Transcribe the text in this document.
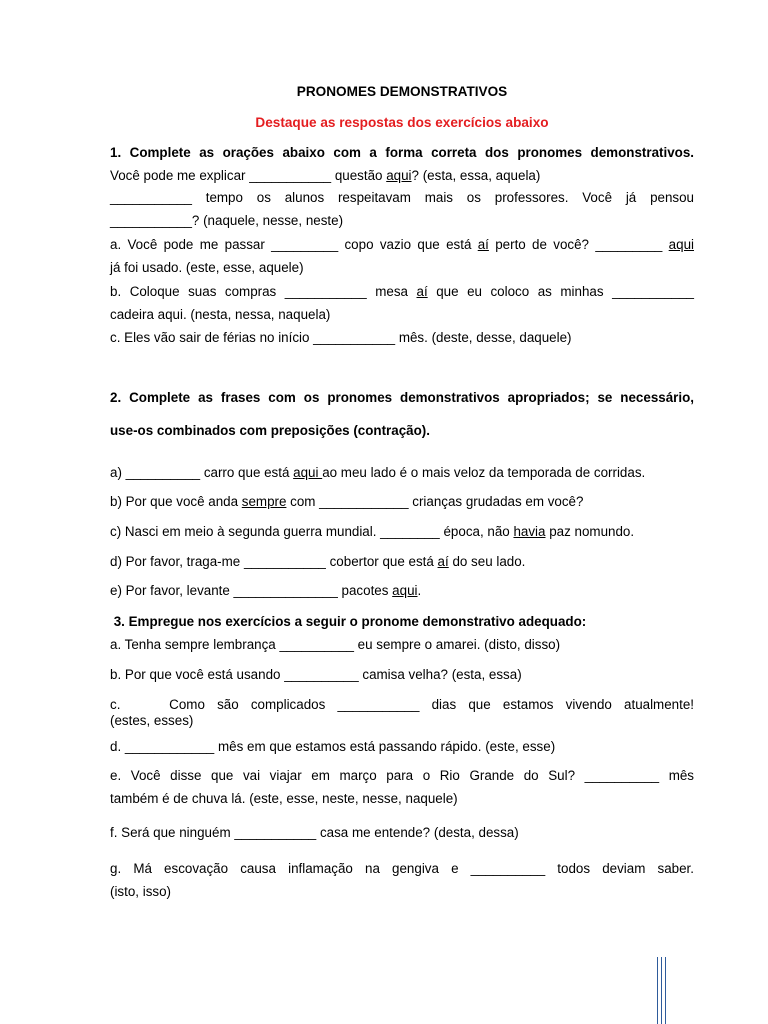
PRONOMES DEMONSTRATIVOS
Destaque as respostas dos exercícios abaixo
1. Complete as orações abaixo com a forma correta dos pronomes demonstrativos.
Você pode me explicar ___________ questão aqui? (esta, essa, aquela)
___________ tempo os alunos respeitavam mais os professores. Você já pensou
___________? (naquele, nesse, neste)
a. Você pode me passar _________ copo vazio que está aí perto de você? _________ aqui
já foi usado. (este, esse, aquele)
b. Coloque suas compras ___________ mesa aí que eu coloco as minhas ___________
cadeira aqui. (nesta, nessa, naquela)
c. Eles vão sair de férias no início ___________ mês. (deste, desse, daquele)
2. Complete as frases com os pronomes demonstrativos apropriados; se necessário,
use-os combinados com preposições (contração).
a) __________ carro que está aqui ao meu lado é o mais veloz da temporada de corridas.
b) Por que você anda sempre com ____________ crianças grudadas em você?
c) Nasci em meio à segunda guerra mundial. ________ época, não havia paz nomundo.
d) Por favor, traga-me ___________ cobertor que está aí do seu lado.
e) Por favor, levante ______________ pacotes aqui.
3. Empregue nos exercícios a seguir o pronome demonstrativo adequado:
a. Tenha sempre lembrança __________ eu sempre o amarei. (disto, disso)
b. Por que você está usando __________ camisa velha? (esta, essa)
c.    Como são complicados ___________ dias que estamos vivendo atualmente!
(estes, esses)
d. ____________ mês em que estamos está passando rápido. (este, esse)
e. Você disse que vai viajar em março para o Rio Grande do Sul? __________ mês
também é de chuva lá. (este, esse, neste, nesse, naquele)
f. Será que ninguém ___________ casa me entende? (desta, dessa)
g. Má escovação causa inflamação na gengiva e __________ todos deviam saber.
(isto, isso)
